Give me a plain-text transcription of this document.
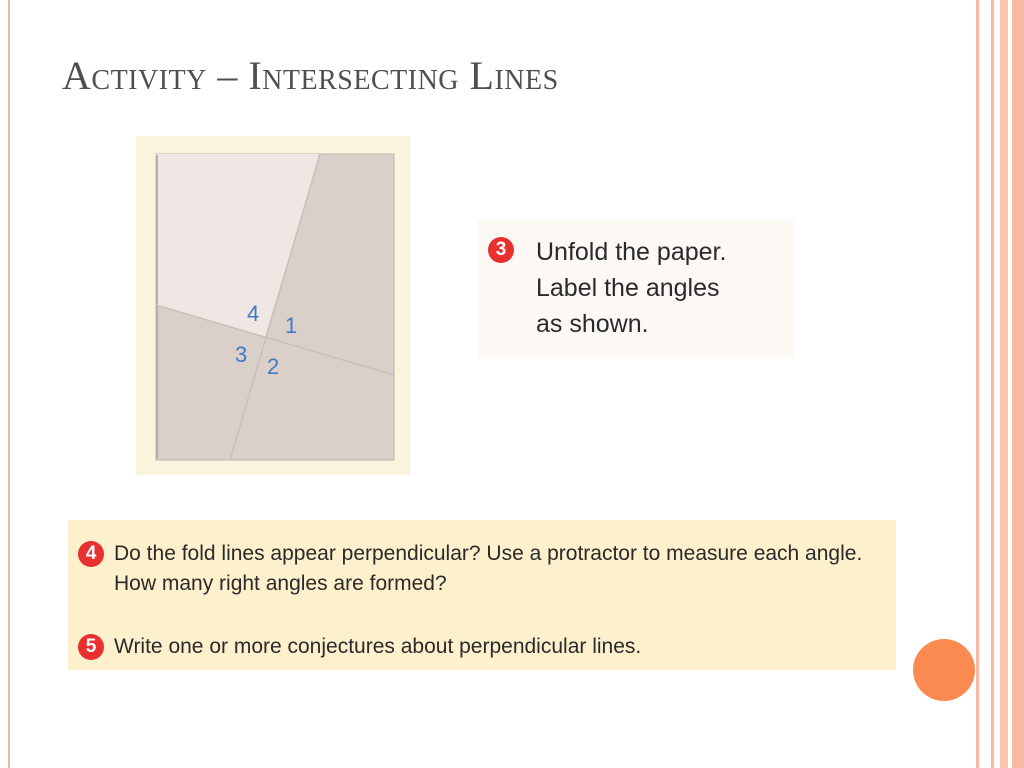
Activity – Intersecting Lines
4 1
3 2
3	Unfold the paper.
Label the angles
as shown.
4 Do the fold lines appear perpendicular? Use a protractor to measure each angle. How many right angles are formed?
5 Write one or more conjectures about perpendicular lines.
